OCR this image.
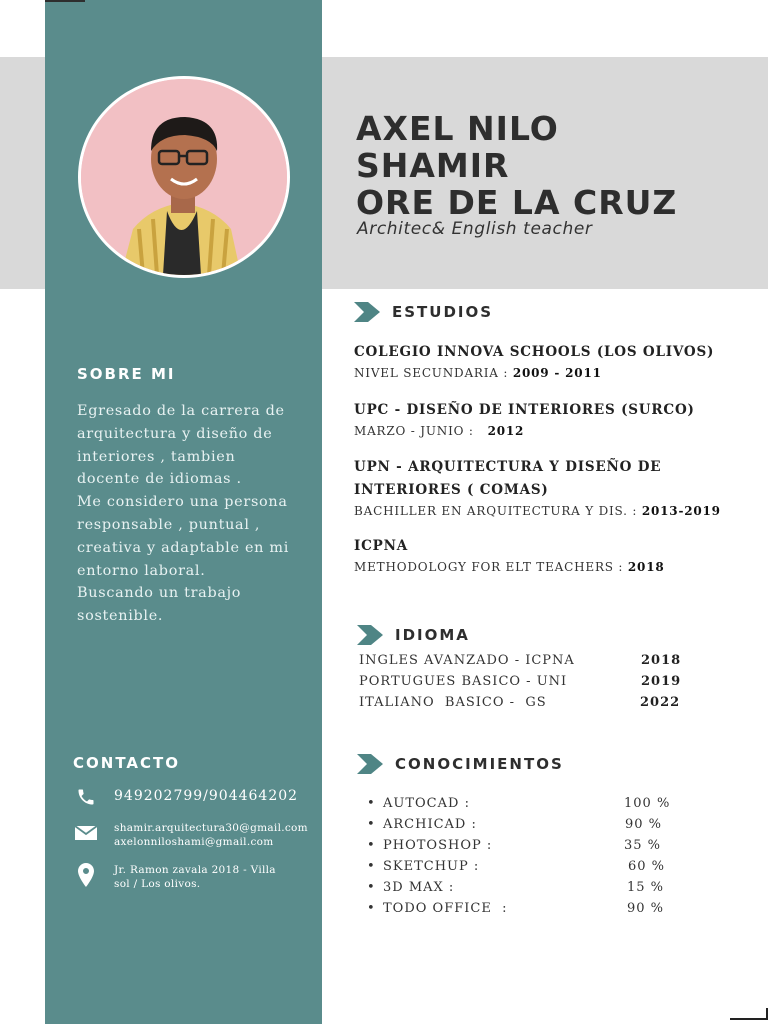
AXEL NILO
SHAMIR
ORE DE LA CRUZ
Architec& English teacher
SOBRE MI
Egresado de la carrera de
arquitectura y diseño de
interiores , tambien
docente de idiomas .
Me considero una persona
responsable , puntual ,
creativa y adaptable en mi
entorno laboral.
Buscando un trabajo
sostenible.
CONTACTO
949202799/904464202
shamir.arquitectura30@gmail.com
axelonniloshami@gmail.com
Jr. Ramon zavala 2018 - Villa
sol / Los olivos.
ESTUDIOS
COLEGIO INNOVA SCHOOLS (LOS OLIVOS)
NIVEL SECUNDARIA : 2009 - 2011
UPC - DISEÑO DE INTERIORES (SURCO)
MARZO - JUNIO :   2012
UPN - ARQUITECTURA Y DISEÑO DE
INTERIORES ( COMAS)
BACHILLER EN ARQUITECTURA Y DIS. : 2013-2019
ICPNA
METHODOLOGY FOR ELT TEACHERS : 2018
IDIOMA
INGLES AVANZADO - ICPNA	2018
PORTUGUES BASICO - UNI	2019
ITALIANO  BASICO -  GS	2022
CONOCIMIENTOS
• AUTOCAD :	100 %
• ARCHICAD :	90 %
• PHOTOSHOP :	35 %
• SKETCHUP :	60 %
• 3D MAX :	15 %
• TODO OFFICE  :	90 %
